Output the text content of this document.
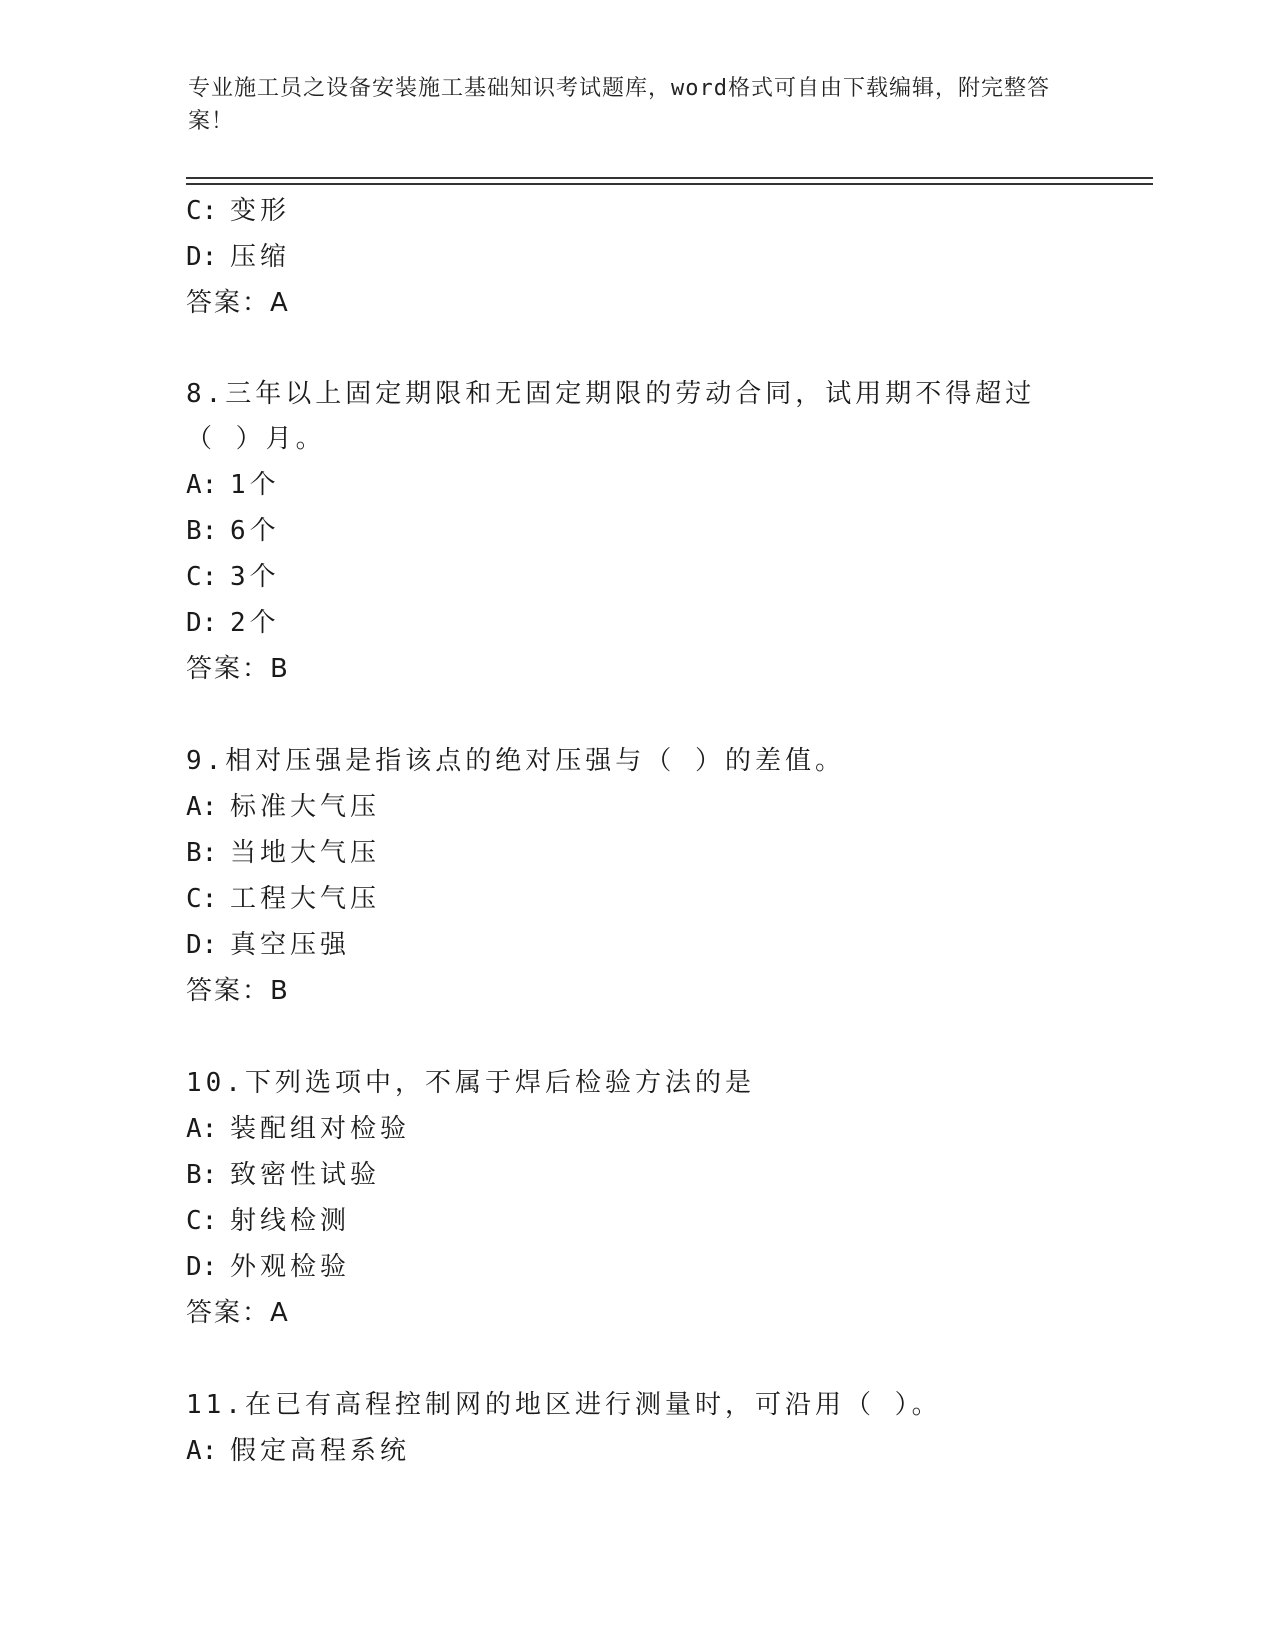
专业施工员之设备安装施工基础知识考试题库，word格式可自由下载编辑，附完整答案！
C: 变形
D: 压缩
答案：A
8.三年以上固定期限和无固定期限的劳动合同，试用期不得超过（ ）月。
A: 1个
B: 6个
C: 3个
D: 2个
答案：B
9.相对压强是指该点的绝对压强与（ ）的差值。
A: 标准大气压
B: 当地大气压
C: 工程大气压
D: 真空压强
答案：B
10.下列选项中，不属于焊后检验方法的是
A: 装配组对检验
B: 致密性试验
C: 射线检测
D: 外观检验
答案：A
11.在已有高程控制网的地区进行测量时，可沿用（ ）。
A: 假定高程系统
